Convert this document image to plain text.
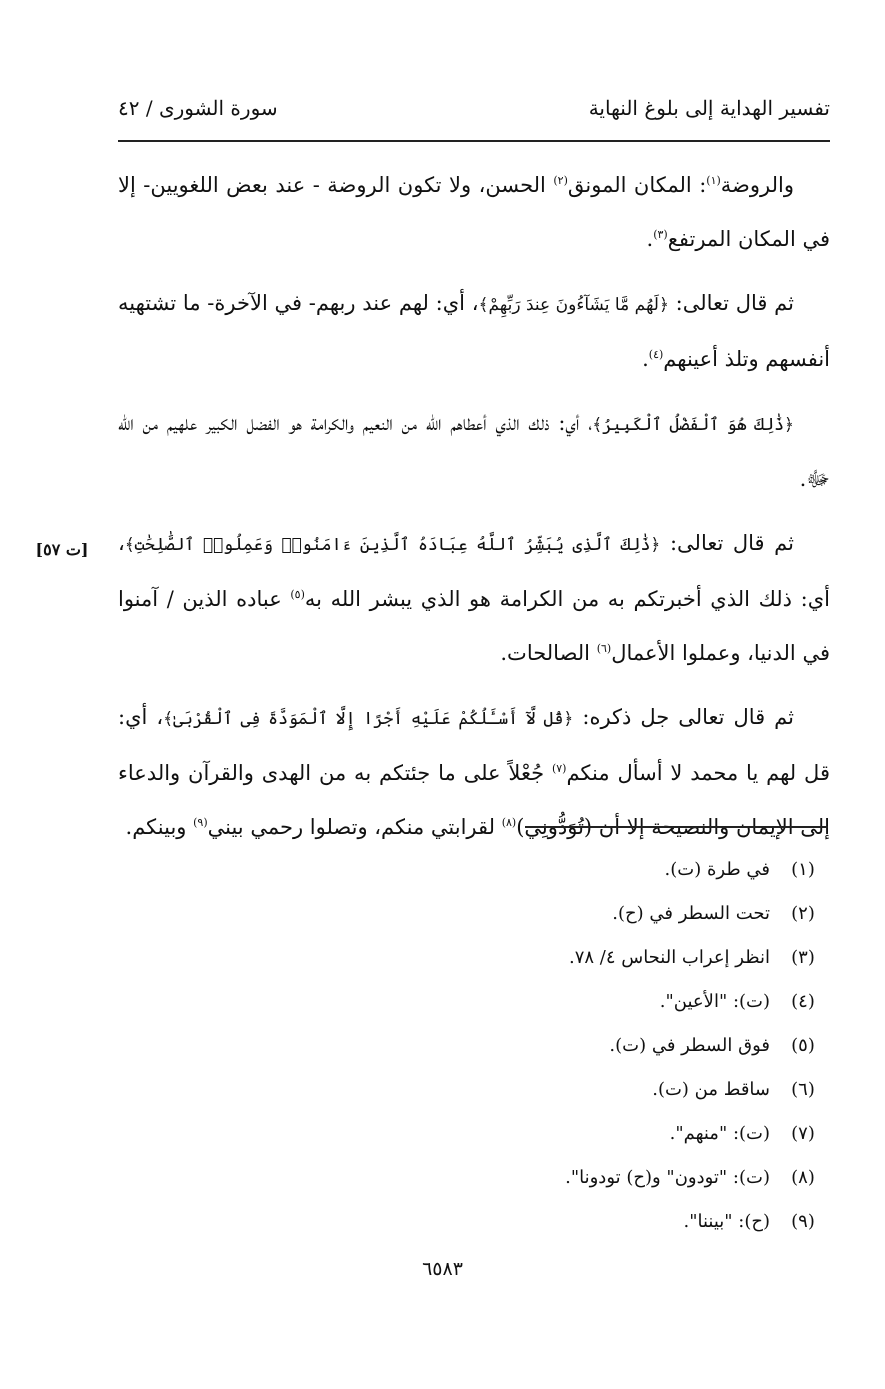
تفسير الهداية إلى بلوغ النهاية
سورة الشورى / ٤٢

والروضة$^{(١)}$: المكان المونق$^{(٢)}$ الحسن، ولا تكون الروضة - عند بعض اللغويين- إلا في المكان المرتفع$^{(٣)}$.

ثم قال تعالى: ﴿لَهُم مَّا يَشَآءُونَ عِندَ رَبِّهِمْ﴾، أي: لهم عند ربهم- في الآخرة- ما تشتهيه أنفسهم وتلذ أعينهم$^{(٤)}$.

﴿ذَٰلِكَ هُوَ ٱلْفَضْلُ ٱلْكَبِيرُ﴾، أي: ذلك الذي أعطاهم الله من النعيم والكرامة هو الفضل الكبير علهيم من الله ﷻ.

ثم قال تعالى: ﴿ذَٰلِكَ ٱلَّذِى يُبَشِّرُ ٱللَّهُ عِبَادَهُ ٱلَّذِينَ ءَامَنُوا۟ وَعَمِلُوا۟ ٱلصَّٰلِحَٰتِ﴾، أي: ذلك الذي أخبرتكم به من الكرامة هو الذي يبشر الله به$^{(٥)}$ عباده الذين / آمنوا في الدنيا، وعملوا الأعمال$^{(٦)}$ الصالحات.

ثم قال تعالى جل ذكره: ﴿قُل لَّآ أَسْـَٔلُكُمْ عَلَيْهِ أَجْرًا إِلَّا ٱلْمَوَدَّةَ فِى ٱلْقُرْبَىٰ﴾، أي: قل لهم يا محمد لا أسأل منكم$^{(٧)}$ جُعْلاً على ما جئتكم به من الهدى والقرآن والدعاء إلى الإيمان والنصيحة إلا أن (تُوَدُّونِي)$^{(٨)}$ لقرابتي منكم، وتصلوا رحمي بيني$^{(٩)}$ وبينكم.

[ت ٥٧]
(١)
في طرة (ت).
(٢)
تحت السطر في (ح).
(٣)
انظر إعراب النحاس ٤/ ٧٨.
(٤)
(ت): "الأعين".
(٥)
فوق السطر في (ت).
(٦)
ساقط من (ت).
(٧)
(ت): "منهم".
(٨)
(ت): "تودون" و(ح) تودونا".
(٩)
(ح): "بيننا".
٦٥٨٣
